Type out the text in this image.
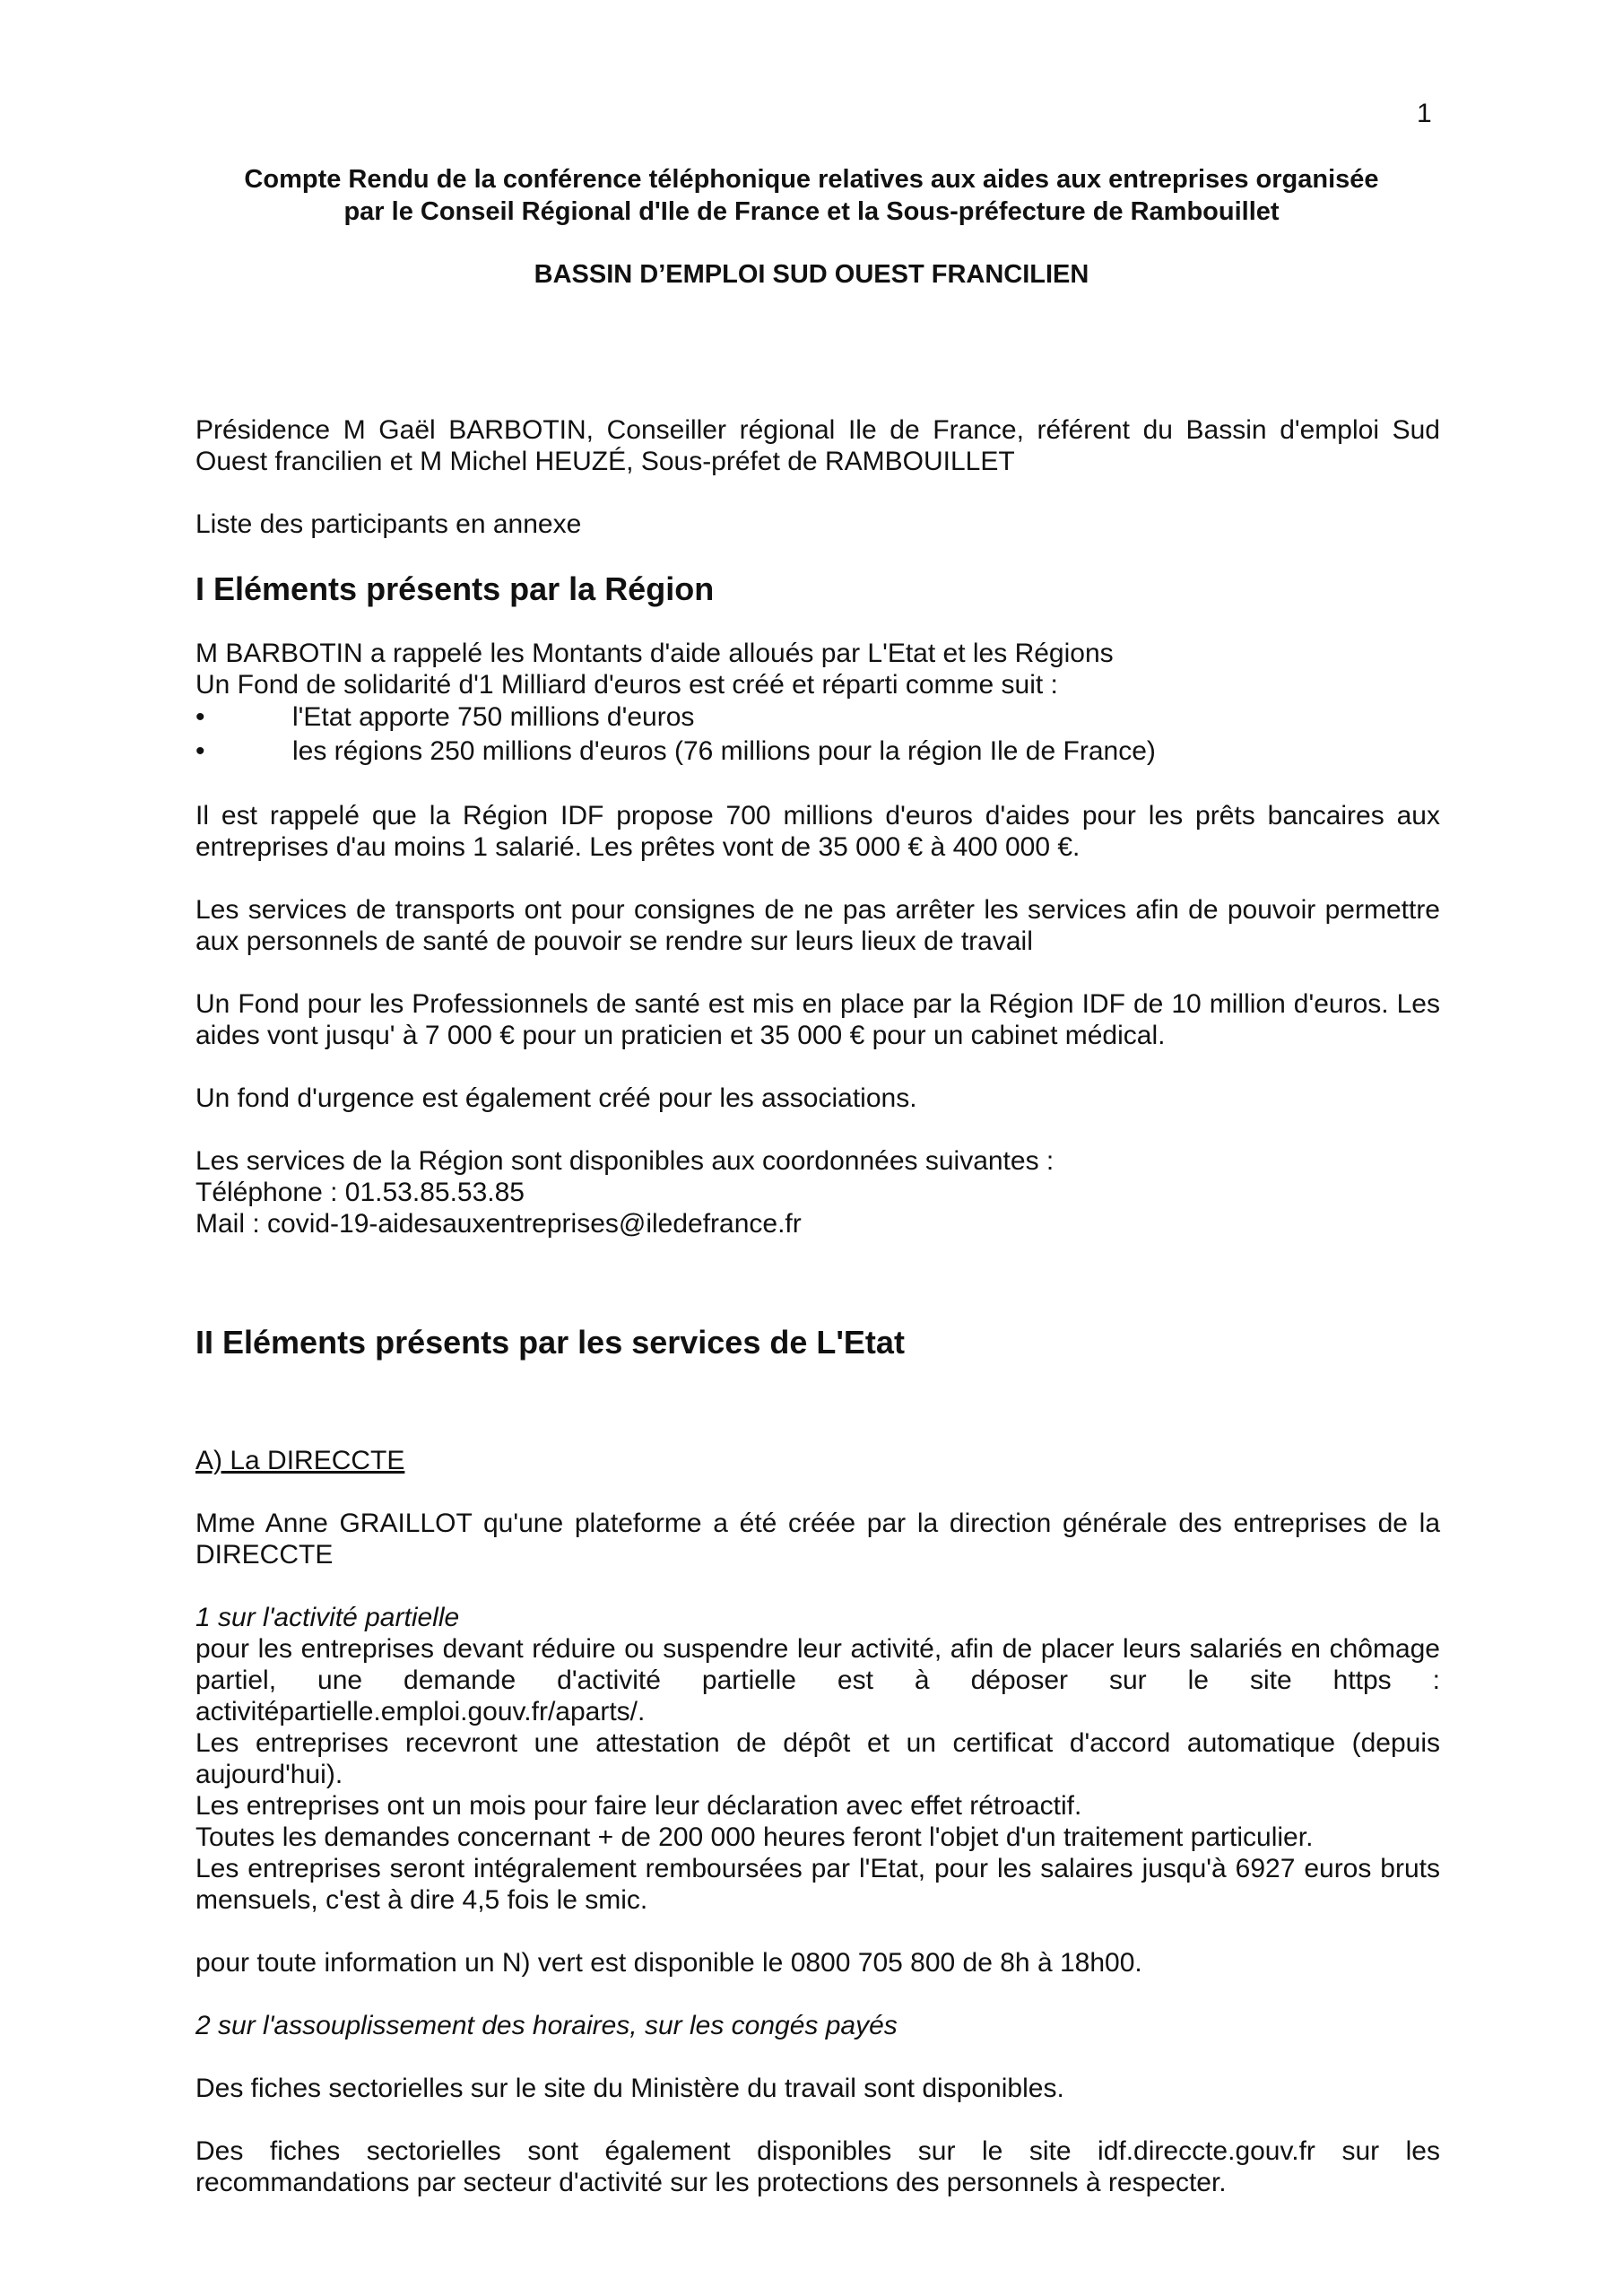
1
Compte Rendu de la conférence téléphonique relatives aux aides aux entreprises organisée
par le Conseil Régional d'Ile de France et la Sous-préfecture de Rambouillet
BASSIN D’EMPLOI SUD OUEST FRANCILIEN

Présidence M Gaël BARBOTIN, Conseiller régional Ile de France, référent du Bassin d'emploi Sud Ouest francilien et M Michel HEUZÉ, Sous-préfet de RAMBOUILLET

Liste des participants en annexe

I Eléments présents par la Région

M BARBOTIN a rappelé les Montants d'aide alloués par L'Etat et les Régions

Un Fond de solidarité d'1 Milliard d'euros est créé et réparti comme suit :

•	l'Etat apporte 750 millions d'euros
•	les régions 250 millions d'euros (76 millions pour la région Ile de France)

Il est rappelé que la Région IDF propose 700 millions d'euros d'aides pour les prêts bancaires aux entreprises d'au moins 1 salarié. Les prêtes vont de 35 000 € à 400 000 €.

Les services de transports ont pour consignes de ne pas arrêter les services afin de pouvoir permettre aux personnels de santé de pouvoir se rendre sur leurs lieux de travail

Un Fond pour les Professionnels de santé est mis en place par la Région IDF de 10 million d'euros. Les aides vont jusqu' à 7 000 € pour un praticien et 35 000 € pour un cabinet médical.

Un fond d'urgence est également créé pour les associations.

Les services de la Région sont disponibles aux coordonnées suivantes :

Téléphone : 01.53.85.53.85

Mail : covid-19-aidesauxentreprises@iledefrance.fr

II Eléments présents par les services de L'Etat

A) La DIRECCTE

Mme Anne GRAILLOT qu'une plateforme a été créée par la direction générale des entreprises de la DIRECCTE

1 sur l'activité partielle

pour les entreprises devant réduire ou suspendre leur activité, afin de placer leurs salariés en chômage partiel, une demande d'activité partielle est à déposer sur le site https : activitépartielle.emploi.gouv.fr/aparts/.

Les entreprises recevront une attestation de dépôt et un certificat d'accord automatique (depuis aujourd'hui).

Les entreprises ont un mois pour faire leur déclaration avec effet rétroactif.

Toutes les demandes concernant + de 200 000 heures feront l'objet d'un traitement particulier.

Les entreprises seront intégralement remboursées par l'Etat, pour les salaires jusqu'à 6927 euros bruts mensuels, c'est à dire 4,5 fois le smic.

pour toute information un N) vert est disponible le 0800 705 800 de 8h à 18h00.

2 sur l'assouplissement des horaires, sur les congés payés

Des fiches sectorielles sur le site du Ministère du travail sont disponibles.

Des fiches sectorielles sont également disponibles sur le site idf.direccte.gouv.fr sur les recommandations par secteur d'activité sur les protections des personnels à respecter.
